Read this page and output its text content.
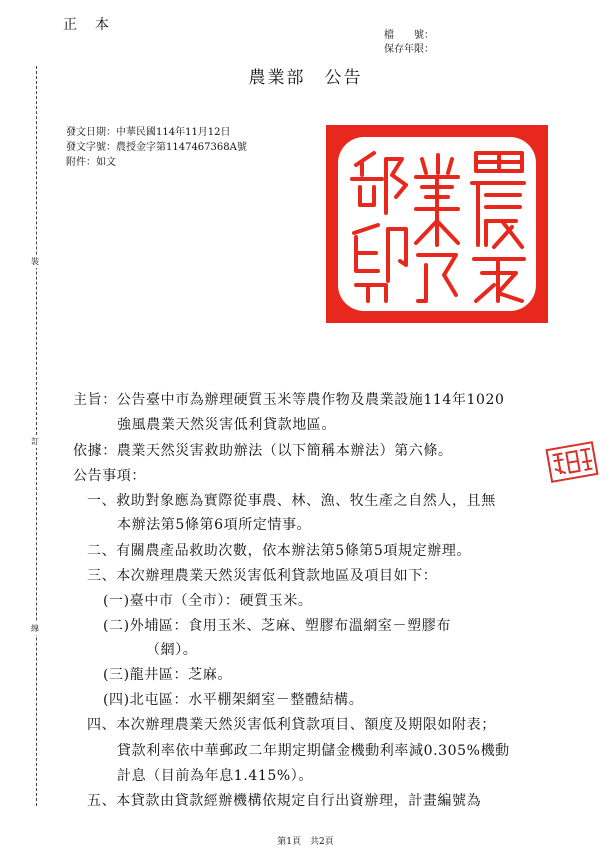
正本
檔　　號：
保存年限：
農業部　公告
裝
訂
線
發文日期：中華民國114年11月12日
發文字號：農授金字第1147467368A號
附件：如文
主旨：公告臺中市為辦理硬質玉米等農作物及農業設施114年1020
強風農業天然災害低利貸款地區。
依據：農業天然災害救助辦法（以下簡稱本辦法）第六條。
公告事項：
一、救助對象應為實際從事農、林、漁、牧生產之自然人，且無
本辦法第5條第6項所定情事。
二、有關農產品救助次數，依本辦法第5條第5項規定辦理。
三、本次辦理農業天然災害低利貸款地區及項目如下：
(一)臺中市（全市）：硬質玉米。
(二)外埔區：食用玉米、芝麻、塑膠布溫網室－塑膠布
（網）。
(三)龍井區：芝麻。
(四)北屯區：水平棚架網室－整體結構。
四、本次辦理農業天然災害低利貸款項目、額度及期限如附表；
貸款利率依中華郵政二年期定期儲金機動利率減0.305%機動
計息（目前為年息1.415%）。
五、本貸款由貸款經辦機構依規定自行出資辦理，計畫編號為
第1頁　共2頁
